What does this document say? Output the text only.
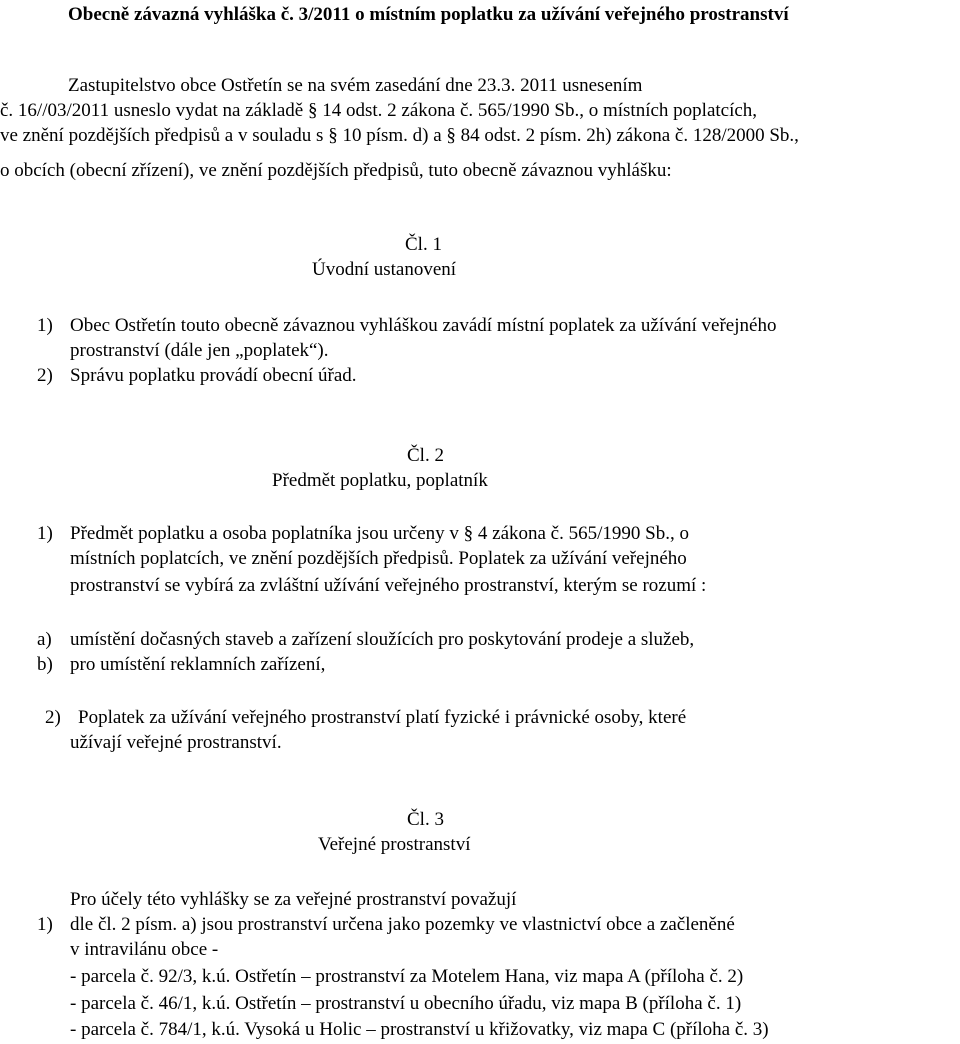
Obecně závazná vyhláška č. 3/2011 o místním poplatku za užívání veřejného prostranství
Zastupitelstvo obce Ostřetín se na svém zasedání dne 23.3. 2011 usnesením
č. 16//03/2011 usneslo vydat na základě § 14 odst. 2 zákona č. 565/1990 Sb., o místních poplatcích,
ve znění pozdějších předpisů a v souladu s § 10 písm. d) a § 84 odst. 2 písm. 2h) zákona č. 128/2000 Sb.,
o obcích (obecní zřízení), ve znění pozdějších předpisů, tuto obecně závaznou vyhlášku:
Čl. 1
Úvodní ustanovení
1) Obec Ostřetín touto obecně závaznou vyhláškou zavádí místní poplatek za užívání veřejného
prostranství (dále jen „poplatek“).
2) Správu poplatku provádí obecní úřad.
Čl. 2
Předmět poplatku, poplatník
1) Předmět poplatku a osoba poplatníka jsou určeny v § 4 zákona č. 565/1990 Sb., o
místních poplatcích, ve znění pozdějších předpisů. Poplatek za užívání veřejného
prostranství se vybírá za zvláštní užívání veřejného prostranství, kterým se rozumí :
a) umístění dočasných staveb a zařízení sloužících pro poskytování prodeje a služeb,
b) pro umístění reklamních zařízení,
2) Poplatek za užívání veřejného prostranství platí fyzické i právnické osoby, které
užívají veřejné prostranství.
Čl. 3
Veřejné prostranství
Pro účely této vyhlášky se za veřejné prostranství považují
1) dle čl. 2 písm. a) jsou prostranství určena jako pozemky ve vlastnictví obce a začleněné
v intravilánu obce -
- parcela č. 92/3, k.ú. Ostřetín – prostranství za Motelem Hana, viz mapa A (příloha č. 2)
- parcela č. 46/1, k.ú. Ostřetín – prostranství u obecního úřadu, viz mapa B (příloha č. 1)
- parcela č. 784/1, k.ú. Vysoká u Holic – prostranství u křižovatky, viz mapa C (příloha č. 3)
